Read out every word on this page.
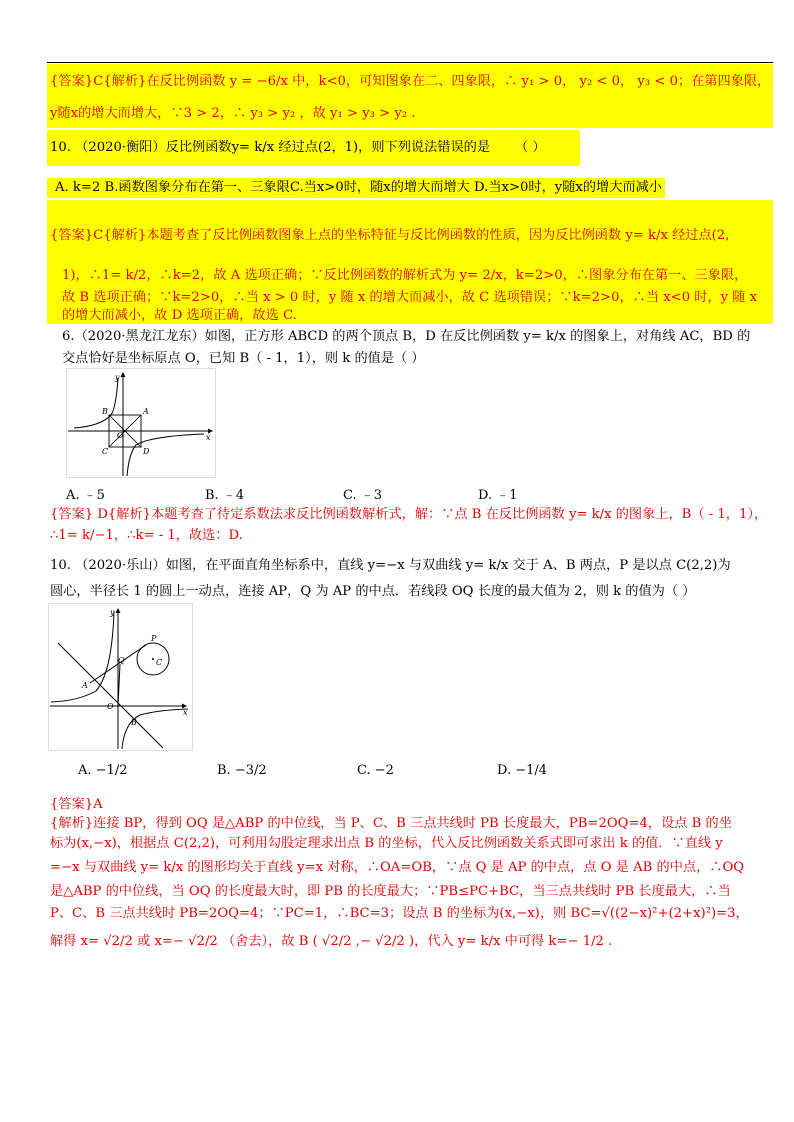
{答案}C{解析}在反比例函数 y = −6/x 中，k<0，可知图象在二、四象限，∴ y₁ > 0， y₂ < 0， y₃ < 0；在第四象限，
y随x的增大而增大，∵3 > 2，∴ y₃ > y₂ ，故 y₁ > y₃ > y₂ .
10. （2020·衡阳）反比例函数y= k/x 经过点(2，1)，则下列说法错误的是 （ ）
A. k=2 B.函数图象分布在第一、三象限C.当x>0时，随x的增大而增大 D.当x>0时，y随x的增大而减小
{答案}C{解析}本题考查了反比例函数图象上点的坐标特征与反比例函数的性质，因为反比例函数 y= k/x 经过点(2,
1)，∴1= k/2，∴k=2，故 A 选项正确；∵反比例函数的解析式为 y= 2/x，k=2>0，∴图象分布在第一、三象限，
故 B 选项正确；∵k=2>0，∴当 x > 0 时，y 随 x 的增大而减小，故 C 选项错误；∵k=2>0，∴当 x<0 时，y 随 x
的增大而减小，故 D 选项正确，故选 C.
6.（2020·黑龙江龙东）如图，正方形 ABCD 的两个顶点 B，D 在反比例函数 y= k/x 的图象上，对角线 AC，BD 的
交点恰好是坐标原点 O，已知 B（ - 1，1），则 k 的值是（ ）
y
A
O	x
C	D
B
A. ﹣5	B. ﹣4	C. ﹣3	D. ﹣1
{答案} D{解析}本题考查了待定系数法求反比例函数解析式，解：∵点 B 在反比例函数 y= k/x 的图象上，B（ - 1，1），
∴1= k/−1，∴k= - 1，故选：D.
10. （2020·乐山）如图，在平面直角坐标系中，直线 y=−x 与双曲线 y= k/x 交于 A、B 两点，P 是以点 C(2,2)为
圆心，半径长 1 的圆上一动点，连接 AP，Q 为 AP 的中点．若线段 OQ 长度的最大值为 2，则 k 的值为（ ）
y
P
Q	C
A
O
x
B
A. −1/2	B. −3/2	C. −2	D. −1/4
{答案}A
{解析}连接 BP，得到 OQ 是△ABP 的中位线，当 P、C、B 三点共线时 PB 长度最大，PB=2OQ=4，设点 B 的坐
标为(x,−x)，根据点 C(2,2)，可利用勾股定理求出点 B 的坐标，代入反比例函数关系式即可求出 k 的值．∵直线 y
=−x 与双曲线 y= k/x 的图形均关于直线 y=x 对称，∴OA=OB，∵点 Q 是 AP 的中点，点 O 是 AB 的中点，∴OQ
是△ABP 的中位线，当 OQ 的长度最大时，即 PB 的长度最大；∵PB≤PC+BC，当三点共线时 PB 长度最大，∴当
P、C、B 三点共线时 PB=2OQ=4；∵PC=1，∴BC=3；设点 B 的坐标为(x,−x)，则 BC=√((2−x)²+(2+x)²)=3，
解得 x= √2/2 或 x=− √2/2 （舍去），故 B ( √2/2 ,− √2/2 )，代入 y= k/x 中可得 k=− 1/2 .
